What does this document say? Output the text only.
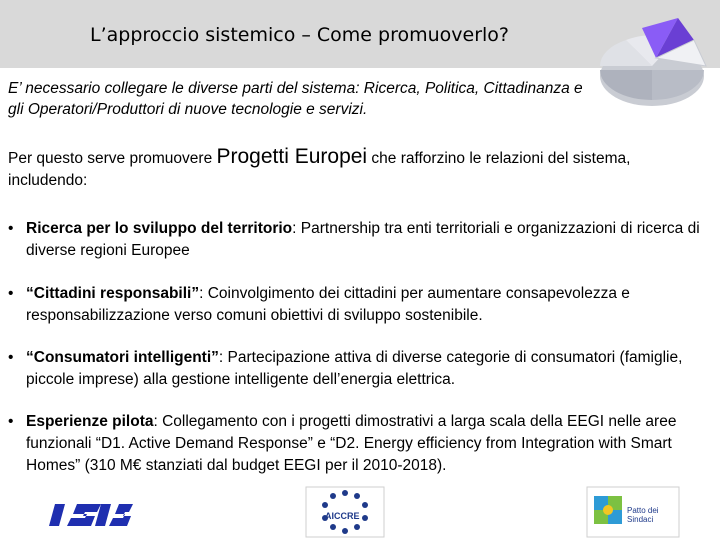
L’approccio sistemico – Come promuoverlo?
E’ necessario collegare le diverse parti del sistema: Ricerca, Politica, Cittadinanza e gli Operatori/Produttori di nuove tecnologie e servizi.
Per questo serve promuovere Progetti Europei che rafforzino le relazioni del sistema, includendo:
• Ricerca per lo sviluppo del territorio: Partnership tra enti territoriali e organizzazioni di ricerca di diverse regioni Europee
• “Cittadini responsabili”: Coinvolgimento dei cittadini per aumentare consapevolezza e responsabilizzazione verso comuni obiettivi di sviluppo sostenibile.
• “Consumatori intelligenti”: Partecipazione attiva di diverse categorie di consumatori (famiglie, piccole imprese) alla gestione intelligente dell’energia elettrica.
• Esperienze pilota: Collegamento con i progetti dimostrativi a larga scala della EEGI nelle aree funzionali “D1. Active Demand Response” e “D2. Energy efficiency from Integration with Smart Homes” (310 M€ stanziati dal budget EEGI per il 2010-2018).
AICCRE
Patto dei Sindaci
